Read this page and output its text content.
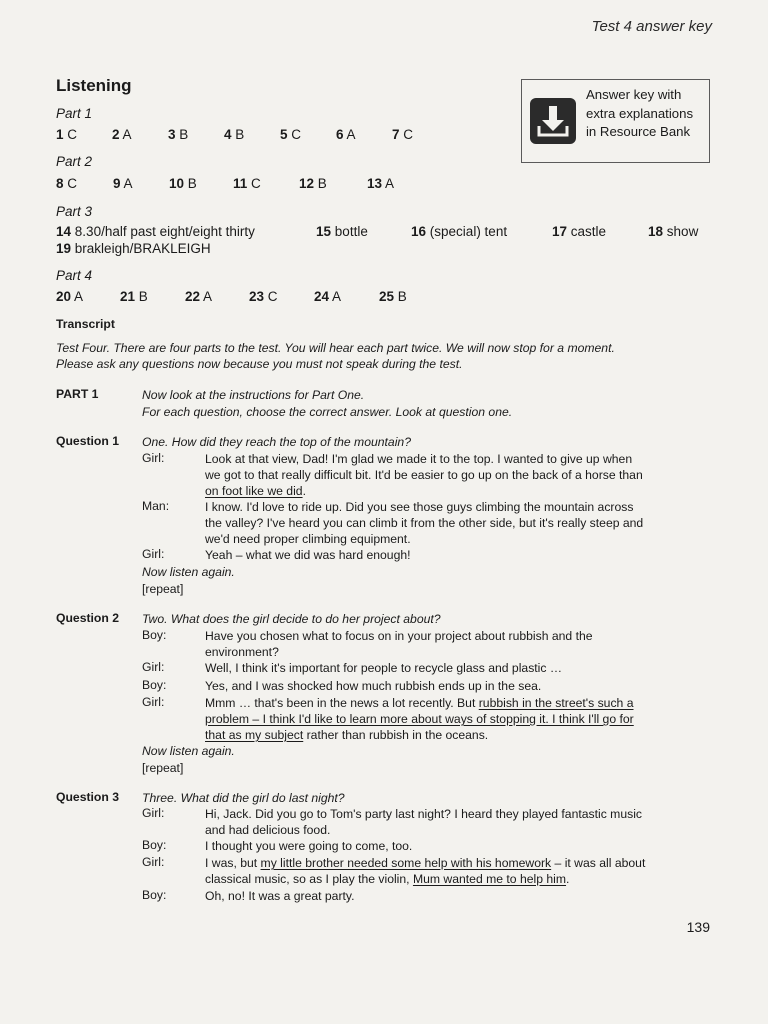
Test 4 answer key
Listening	Answer key with extra explanations in Resource Bank
Part 1
1 C	2 A	3 B	4 B	5 C	6 A	7 C
Part 2
8 C	9 A	10 B	11 C	12 B	13 A
Part 3
14 8.30/half past eight/eight thirty	15 bottle	16 (special) tent	17 castle	18 show
19 brakleigh/BRAKLEIGH
Part 4
20 A	21 B	22 A	23 C	24 A	25 B
Transcript
Test Four. There are four parts to the test. You will hear each part twice. We will now stop for a moment.
Please ask any questions now because you must not speak during the test.
PART 1	Now look at the instructions for Part One.
For each question, choose the correct answer. Look at question one.
Question 1 One. How did they reach the top of the mountain?
Girl:	Look at that view, Dad! I'm glad we made it to the top. I wanted to give up when
we got to that really difficult bit. It'd be easier to go up on the back of a horse than
on foot like we did.
Man:	I know. I'd love to ride up. Did you see those guys climbing the mountain across
the valley? I've heard you can climb it from the other side, but it's really steep and
we'd need proper climbing equipment.
Girl:	Yeah – what we did was hard enough!
Now listen again.
[repeat]
Question 2 Two. What does the girl decide to do her project about?
Boy:	Have you chosen what to focus on in your project about rubbish and the
environment?
Girl:	Well, I think it's important for people to recycle glass and plastic …
Boy:	Yes, and I was shocked how much rubbish ends up in the sea.
Girl:	Mmm … that's been in the news a lot recently. But rubbish in the street's such a
problem – I think I'd like to learn more about ways of stopping it. I think I'll go for
that as my subject rather than rubbish in the oceans.
Now listen again.
[repeat]
Question 3 Three. What did the girl do last night?
Girl:	Hi, Jack. Did you go to Tom's party last night? I heard they played fantastic music
and had delicious food.
Boy:	I thought you were going to come, too.
Girl:	I was, but my little brother needed some help with his homework – it was all about
classical music, so as I play the violin, Mum wanted me to help him.
Boy:	Oh, no! It was a great party.
139
